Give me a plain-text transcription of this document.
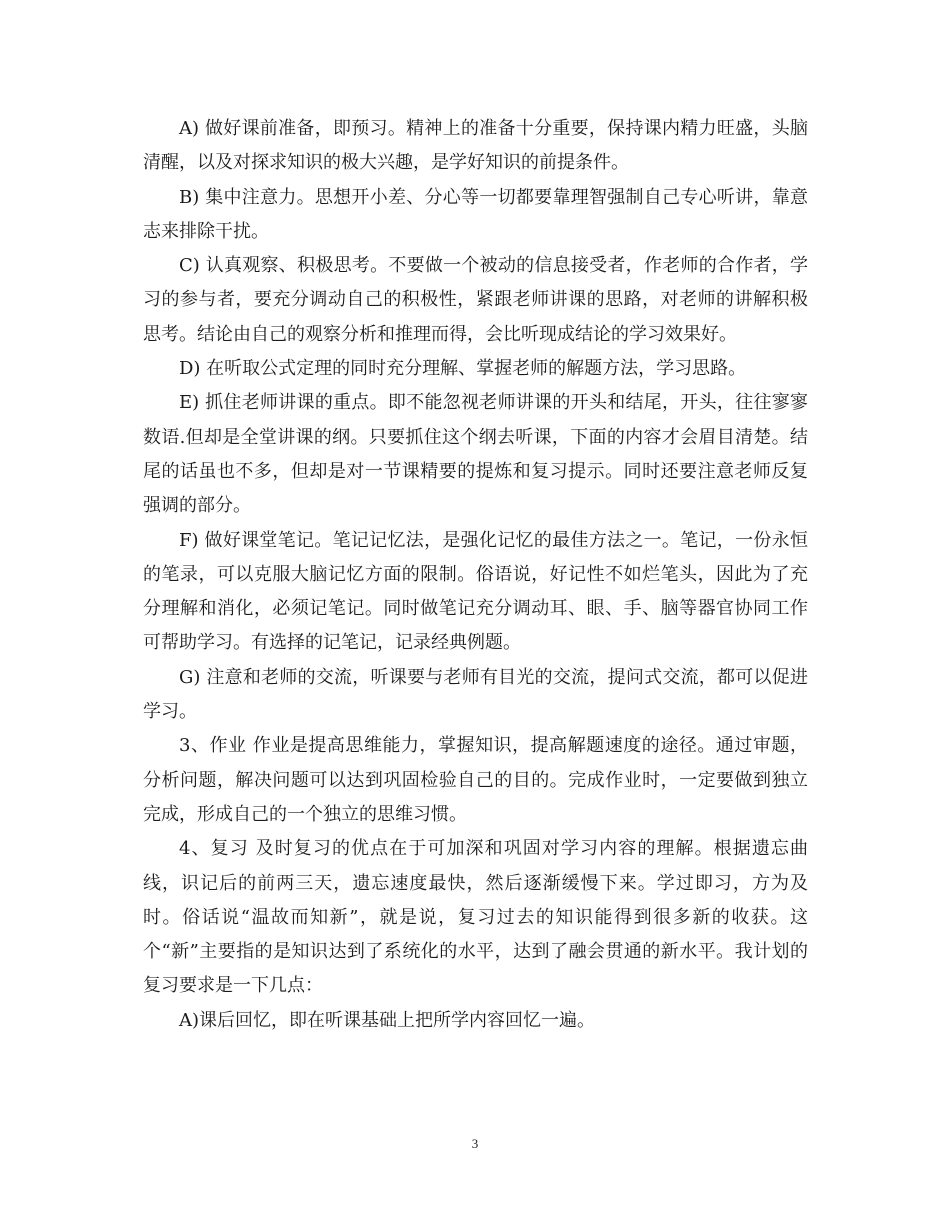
A) 做好课前准备，即预习。精神上的准备十分重要，保持课内精力旺盛，头脑清醒，以及对探求知识的极大兴趣，是学好知识的前提条件。

B) 集中注意力。思想开小差、分心等一切都要靠理智强制自己专心听讲，靠意志来排除干扰。

C) 认真观察、积极思考。不要做一个被动的信息接受者，作老师的合作者，学习的参与者，要充分调动自己的积极性，紧跟老师讲课的思路，对老师的讲解积极思考。结论由自己的观察分析和推理而得，会比听现成结论的学习效果好。

D) 在听取公式定理的同时充分理解、掌握老师的解题方法，学习思路。

E) 抓住老师讲课的重点。即不能忽视老师讲课的开头和结尾，开头，往往寥寥数语.但却是全堂讲课的纲。只要抓住这个纲去听课，下面的内容才会眉目清楚。结尾的话虽也不多，但却是对一节课精要的提炼和复习提示。同时还要注意老师反复强调的部分。

F) 做好课堂笔记。笔记记忆法，是强化记忆的最佳方法之一。笔记，一份永恒的笔录，可以克服大脑记忆方面的限制。俗语说，好记性不如烂笔头，因此为了充分理解和消化，必须记笔记。同时做笔记充分调动耳、眼、手、脑等器官协同工作可帮助学习。有选择的记笔记，记录经典例题。

G) 注意和老师的交流，听课要与老师有目光的交流，提问式交流，都可以促进学习。

3、作业 作业是提高思维能力，掌握知识，提高解题速度的途径。通过审题，分析问题，解决问题可以达到巩固检验自己的目的。完成作业时，一定要做到独立完成，形成自己的一个独立的思维习惯。

4、复习 及时复习的优点在于可加深和巩固对学习内容的理解。根据遗忘曲线，识记后的前两三天，遗忘速度最快，然后逐渐缓慢下来。学过即习，方为及时。俗话说“温故而知新”，就是说，复习过去的知识能得到很多新的收获。这个“新”主要指的是知识达到了系统化的水平，达到了融会贯通的新水平。我计划的复习要求是一下几点：

A)课后回忆，即在听课基础上把所学内容回忆一遍。

3
